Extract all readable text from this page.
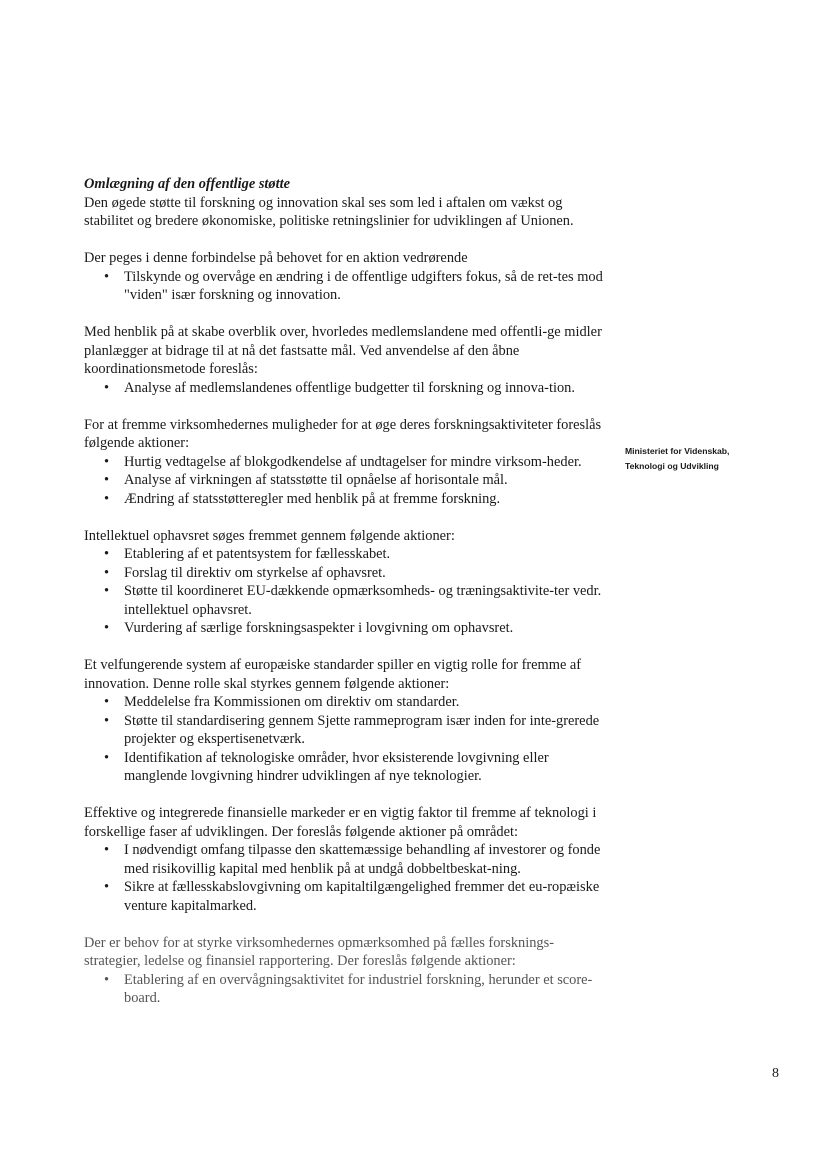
Omlægning af den offentlige støtte

Den øgede støtte til forskning og innovation skal ses som led i aftalen om vækst og stabilitet og bredere økonomiske, politiske retningslinier for udviklingen af Unionen.

Der peges i denne forbindelse på behovet for en aktion vedrørende

• Tilskynde og overvåge en ændring i de offentlige udgifters fokus, så de ret-tes mod "viden" især forskning og innovation.

Med henblik på at skabe overblik over, hvorledes medlemslandene med offentli-ge midler planlægger at bidrage til at nå det fastsatte mål. Ved anvendelse af den åbne koordinationsmetode foreslås:

• Analyse af medlemslandenes offentlige budgetter til forskning og innova-tion.

For at fremme virksomhedernes muligheder for at øge deres forskningsaktiviteter foreslås følgende aktioner:

• Hurtig vedtagelse af blokgodkendelse af undtagelser for mindre virksom-heder.
• Analyse af virkningen af statsstøtte til opnåelse af horisontale mål.
• Ændring af statsstøtteregler med henblik på at fremme forskning.

Intellektuel ophavsret søges fremmet gennem følgende aktioner:

• Etablering af et patentsystem for fællesskabet.
• Forslag til direktiv om styrkelse af ophavsret.
• Støtte til koordineret EU-dækkende opmærksomheds- og træningsaktivite-ter vedr. intellektuel ophavsret.
• Vurdering af særlige forskningsaspekter i lovgivning om ophavsret.

Et velfungerende system af europæiske standarder spiller en vigtig rolle for fremme af innovation. Denne rolle skal styrkes gennem følgende aktioner:

• Meddelelse fra Kommissionen om direktiv om standarder.
• Støtte til standardisering gennem Sjette rammeprogram især inden for inte-grerede projekter og ekspertisenetværk.
• Identifikation af teknologiske områder, hvor eksisterende lovgivning eller manglende lovgivning hindrer udviklingen af nye teknologier.

Effektive og integrerede finansielle markeder er en vigtig faktor til fremme af teknologi i forskellige faser af udviklingen. Der foreslås følgende aktioner på området:

• I nødvendigt omfang tilpasse den skattemæssige behandling af investorer og fonde med risikovillig kapital med henblik på at undgå dobbeltbeskat-ning.
• Sikre at fællesskabslovgivning om kapitaltilgængelighed fremmer det eu-ropæiske venture kapitalmarked.

Der er behov for at styrke virksomhedernes opmærksomhed på fælles forsknings-strategier, ledelse og finansiel rapportering. Der foreslås følgende aktioner:

• Etablering af en overvågningsaktivitet for industriel forskning, herunder et score-board.
Ministeriet for Videnskab,
Teknologi og Udvikling
8
